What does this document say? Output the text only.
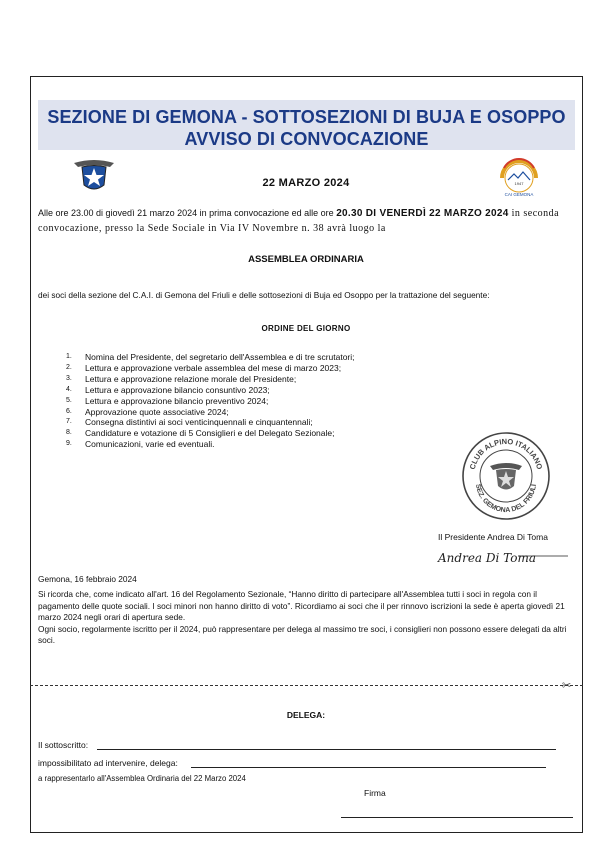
SEZIONE DI GEMONA - SOTTOSEZIONI DI BUJA E OSOPPO
AVVISO DI CONVOCAZIONE
1947
CAI GEMONA
22 MARZO 2024
Alle ore 23.00 di giovedì 21 marzo 2024 in prima convocazione ed alle ore 20.30 DI VENERDÌ 22 MARZO 2024 in seconda convocazione, presso la Sede Sociale in Via IV Novembre n. 38 avrà luogo la
ASSEMBLEA ORDINARIA
dei soci della sezione del C.A.I. di Gemona del Friuli e delle sottosezioni di Buja ed Osoppo per la trattazione del seguente:
ORDINE DEL GIORNO
1. Nomina del Presidente, del segretario dell'Assemblea e di tre scrutatori;
2. Lettura e approvazione verbale assemblea del mese di marzo 2023;
3. Lettura e approvazione relazione morale del Presidente;
4. Lettura e approvazione bilancio consuntivo 2023;
5. Lettura e approvazione bilancio preventivo 2024;
6. Approvazione quote associative 2024;
7. Consegna distintivi ai soci venticinquennali e cinquantennali;
8. Candidature e votazione di 5 Consiglieri e del Delegato Sezionale;
9. Comunicazioni, varie ed eventuali.
CLUB ALPINO ITALIANO
SEZ. GEMONA DEL FRIULI
Il Presidente Andrea Di Toma
Andrea Di Toma
Gemona, 16 febbraio 2024

Si ricorda che, come indicato all'art. 16 del Regolamento Sezionale, “Hanno diritto di partecipare all'Assemblea tutti i soci in regola con il pagamento delle quote sociali. I soci minori non hanno diritto di voto”. Ricordiamo ai soci che il per rinnovo iscrizioni la sede è aperta giovedì 21 marzo 2024 negli orari di apertura sede.

Ogni socio, regolarmente iscritto per il 2024, può rappresentare per delega al massimo tre soci, i consiglieri non possono essere delegati da altri soci.

✂
DELEGA:
Il sottoscritto:
impossibilitato ad intervenire, delega:
a rappresentarlo all'Assemblea Ordinaria del 22 Marzo 2024
Firma
